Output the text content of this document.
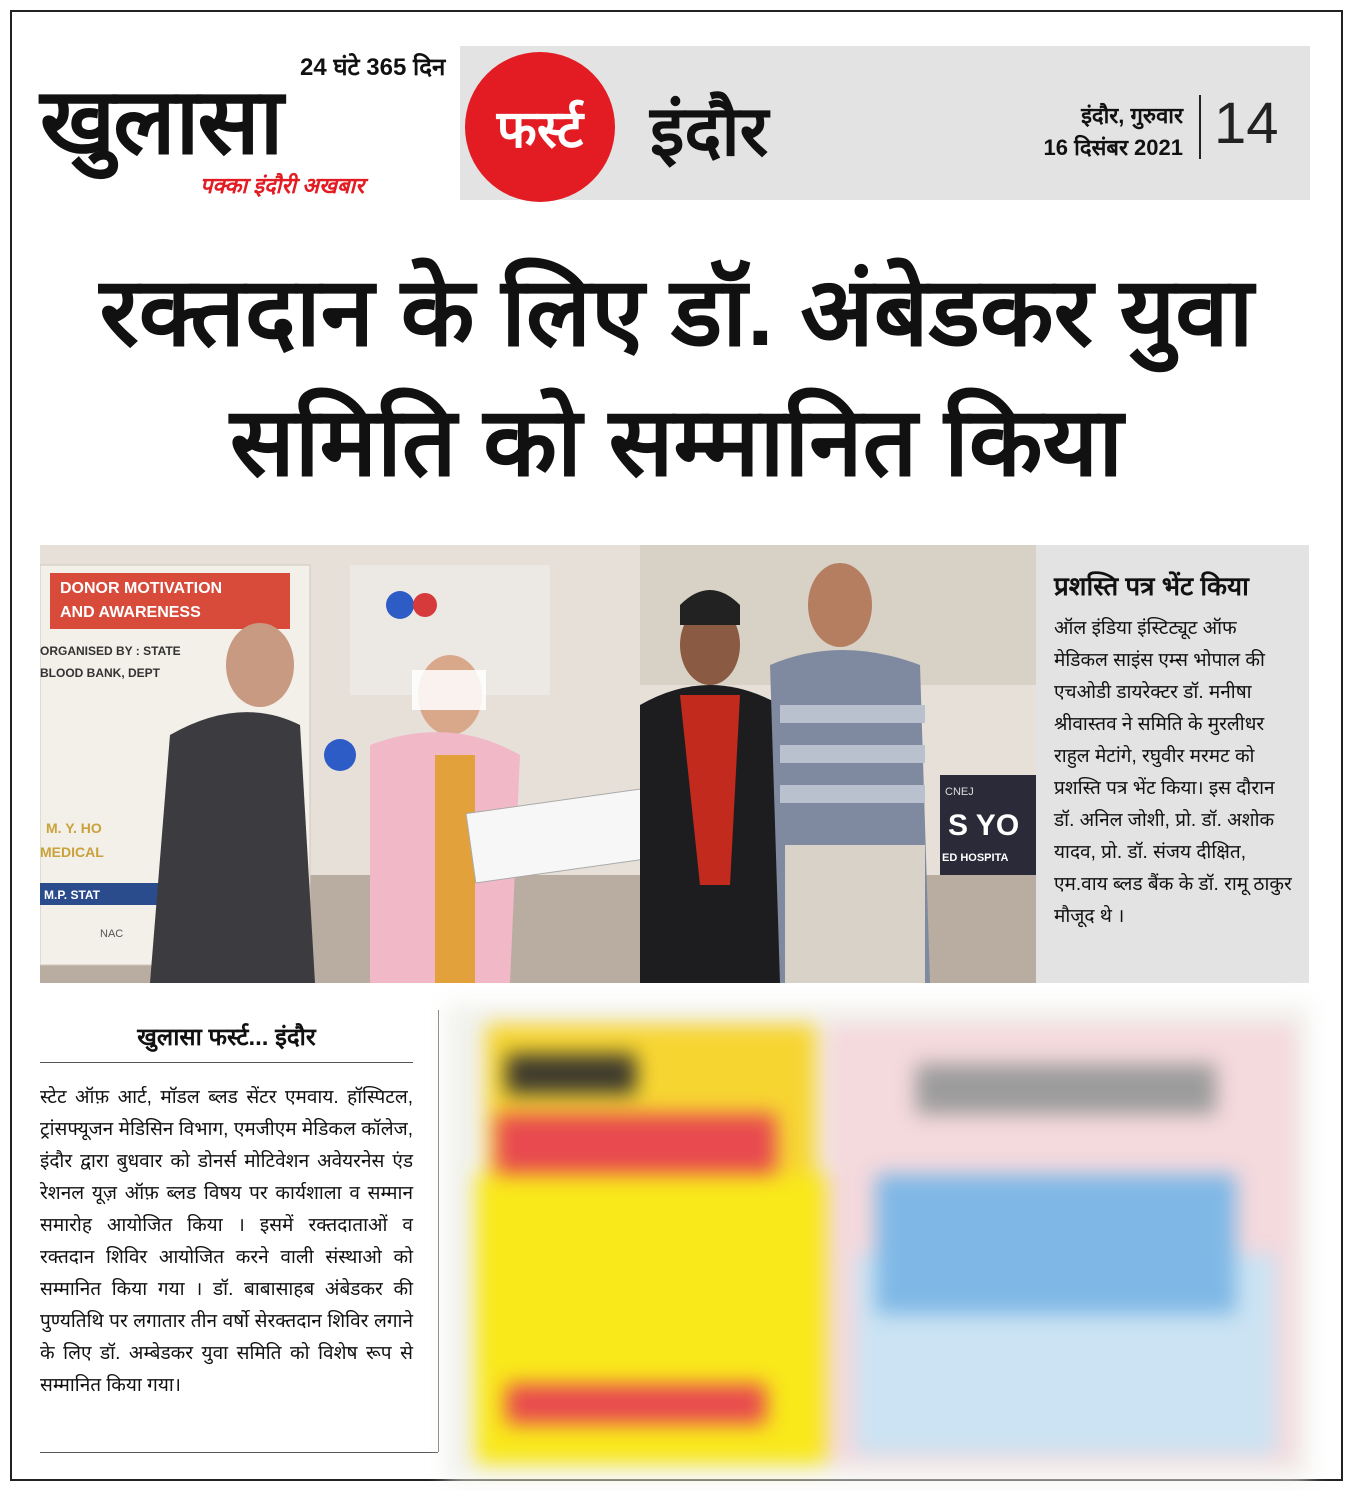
24 घंटे 365 दिन
खुलासा
पक्का इंदौरी अखबार
फर्स्ट इंदौर	इंदौर, गुरुवार
16 दिसंबर 2021 14
रक्तदान के लिए डॉ. अंबेडकर युवा
समिति को सम्मानित किया
DONOR MOTIVATION
AND AWARENESS
ORGANISED BY : STATE
BLOOD BANK, DEPT
M. Y. HO
MEDICAL
M.P. STAT
NAC
CNEJ
S YO
ED HOSPITA
प्रशस्ति पत्र भेंट किया

ऑल इंडिया इंस्टिट्यूट ऑफ मेडिकल साइंस एम्स भोपाल की एचओडी डायरेक्टर डॉ. मनीषा श्रीवास्तव ने समिति के मुरलीधर राहुल मेटांगे, रघुवीर मरमट को प्रशस्ति पत्र भेंट किया। इस दौरान डॉ. अनिल जोशी, प्रो. डॉ. अशोक यादव, प्रो. डॉ. संजय दीक्षित, एम.वाय ब्लड बैंक के डॉ. रामू ठाकुर मौजूद थे ।

खुलासा फर्स्ट... इंदौर

स्टेट ऑफ़ आर्ट, मॉडल ब्लड सेंटर एमवाय. हॉस्पिटल, ट्रांसफ्यूजन मेडिसिन विभाग, एमजीएम मेडिकल कॉलेज, इंदौर द्वारा बुधवार को डोनर्स मोटिवेशन अवेयरनेस एंड रेशनल यूज़ ऑफ़ ब्लड विषय पर कार्यशाला व सम्मान समारोह आयोजित किया । इसमें रक्तदाताओं व रक्तदान शिविर आयोजित करने वाली संस्थाओ को सम्मानित किया गया । डॉ. बाबासाहब अंबेडकर की पुण्यतिथि पर लगातार तीन वर्षो सेरक्तदान शिविर लगाने के लिए डॉ. अम्बेडकर युवा समिति को विशेष रूप से सम्मानित किया गया।
